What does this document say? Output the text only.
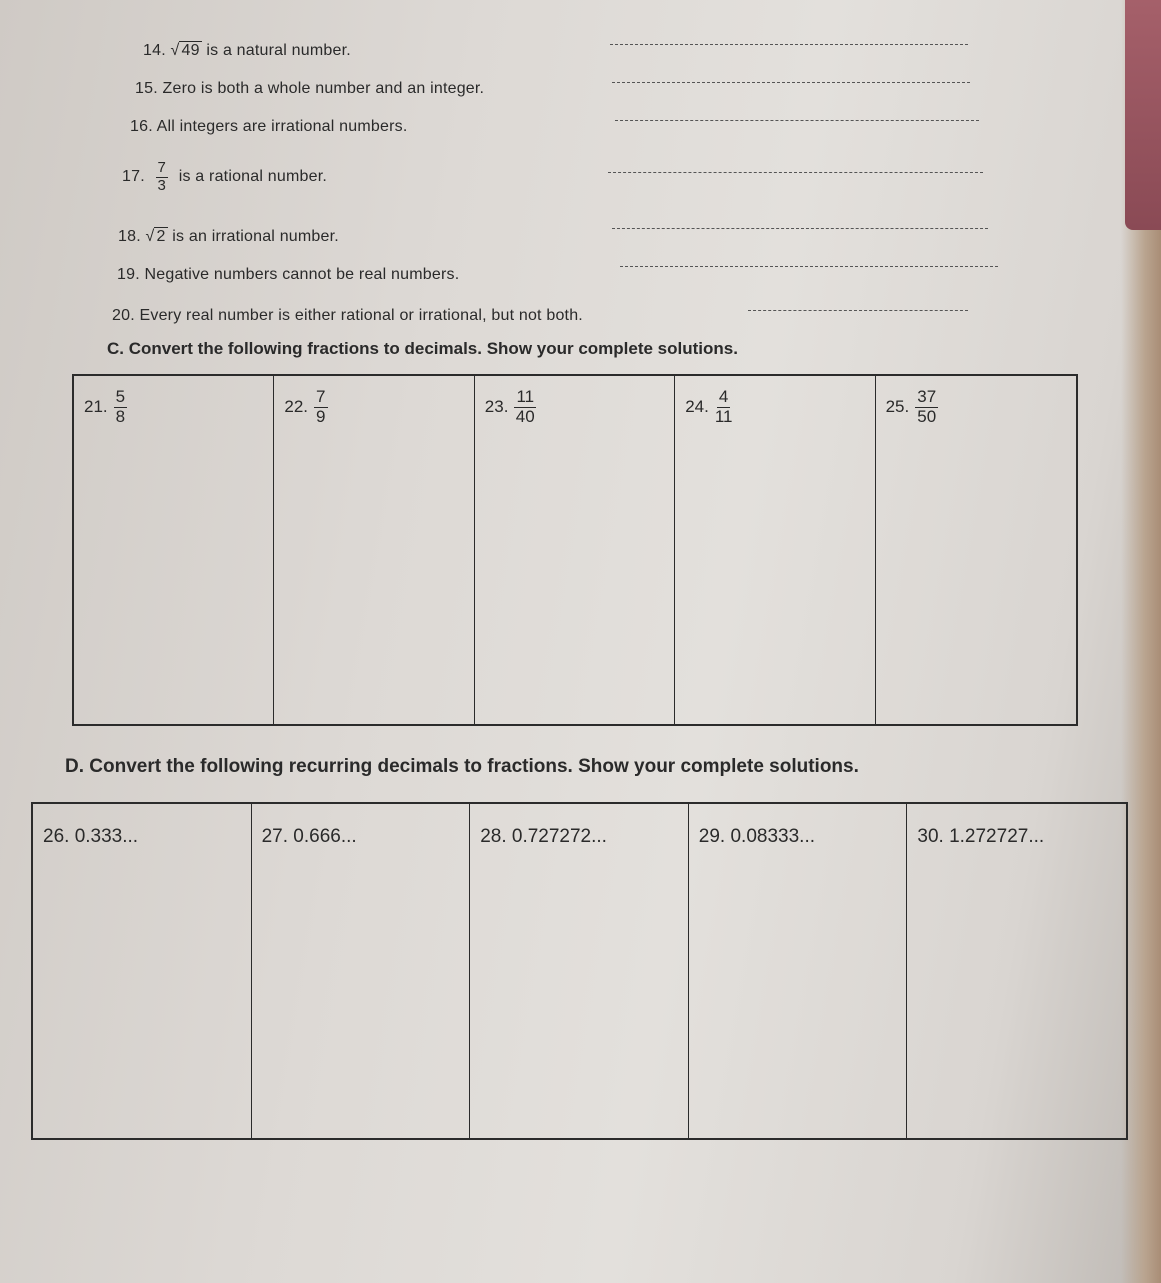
14. √ 49 is a natural number.
15. Zero is both a whole number and an integer.
16. All integers are irrational numbers.
17. $\frac{7}{3}$ is a rational number.
18. √ 2 is an irrational number.
19. Negative numbers cannot be real numbers.
20. Every real number is either rational or irrational, but not both.
C. Convert the following fractions to decimals. Show your complete solutions.
21. $\frac{5}{8}$	22. $\frac{7}{9}$	23. $\frac{11}{40}$	24. $\frac{4}{11}$	25. $\frac{37}{50}$
D. Convert the following recurring decimals to fractions. Show your complete solutions.
26. 0.333...	27. 0.666...	28. 0.727272...	29. 0.08333...	30. 1.272727...
